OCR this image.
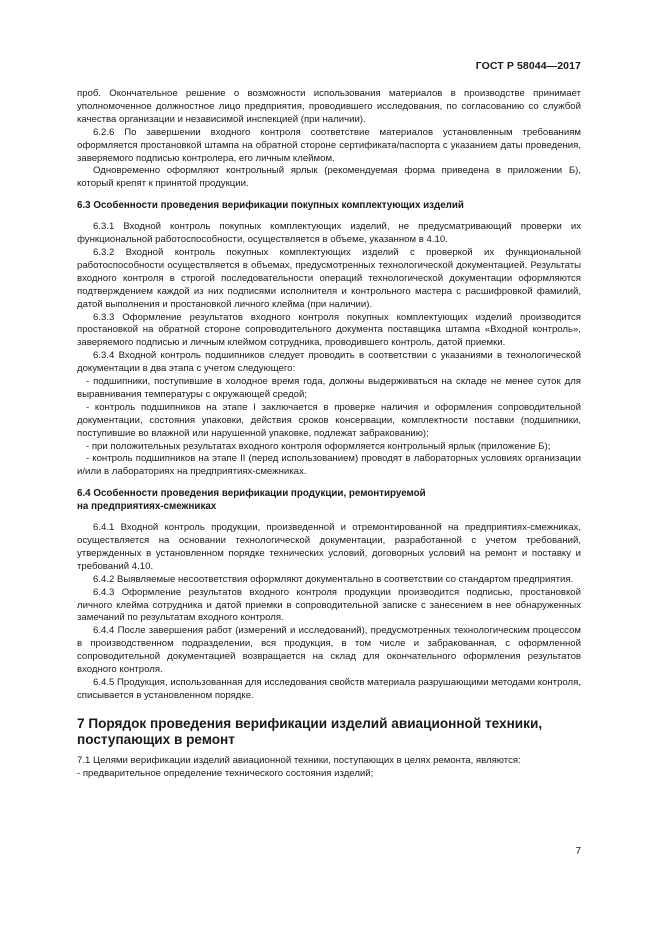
ГОСТ Р 58044—2017

проб. Окончательное решение о возможности использования материалов в производстве принимает уполномоченное должностное лицо предприятия, проводившего исследования, по согласованию со службой качества организации и независимой инспекцией (при наличии).

6.2.6 По завершении входного контроля соответствие материалов установленным требованиям оформляется простановкой штампа на обратной стороне сертификата/паспорта с указанием даты проведения, заверяемого подписью контролера, его личным клеймом.

Одновременно оформляют контрольный ярлык (рекомендуемая форма приведена в приложении Б), который крепят к принятой продукции.

6.3 Особенности проведения верификации покупных комплектующих изделий

6.3.1 Входной контроль покупных комплектующих изделий, не предусматривающий проверки их функциональной работоспособности, осуществляется в объеме, указанном в 4.10.

6.3.2 Входной контроль покупных комплектующих изделий с проверкой их функциональной работоспособности осуществляется в объемах, предусмотренных технологической документацией. Результаты входного контроля в строгой последовательности операций технологической документации оформляются подтверждением каждой из них подписями исполнителя и контрольного мастера с расшифровкой фамилий, датой выполнения и простановкой личного клейма (при наличии).

6.3.3 Оформление результатов входного контроля покупных комплектующих изделий производится простановкой на обратной стороне сопроводительного документа поставщика штампа «Входной контроль», заверяемого подписью и личным клеймом сотрудника, проводившего контроль, датой приемки.

6.3.4 Входной контроль подшипников следует проводить в соответствии с указаниями в технологической документации в два этапа с учетом следующего:

- подшипники, поступившие в холодное время года, должны выдерживаться на складе не менее суток для выравнивания температуры с окружающей средой;

- контроль подшипников на этапе I заключается в проверке наличия и оформления сопроводительной документации, состояния упаковки, действия сроков консервации, комплектности поставки (подшипники, поступившие во влажной или нарушенной упаковке, подлежат забракованию);

- при положительных результатах входного контроля оформляется контрольный ярлык (приложение Б);

- контроль подшипников на этапе II (перед использованием) проводят в лабораторных условиях организации и/или в лабораториях на предприятиях-смежниках.

6.4 Особенности проведения верификации продукции, ремонтируемой
на предприятиях-смежниках

6.4.1 Входной контроль продукции, произведенной и отремонтированной на предприятиях-смежниках, осуществляется на основании технологической документации, разработанной с учетом требований, утвержденных в установленном порядке технических условий, договорных условий на ремонт и поставку и требований 4.10.

6.4.2 Выявляемые несоответствия оформляют документально в соответствии со стандартом предприятия.

6.4.3 Оформление результатов входного контроля продукции производится подписью, простановкой личного клейма сотрудника и датой приемки в сопроводительной записке с занесением в нее обнаруженных замечаний по результатам входного контроля.

6.4.4 После завершения работ (измерений и исследований), предусмотренных технологическим процессом в производственном подразделении, вся продукция, в том числе и забракованная, с оформленной сопроводительной документацией возвращается на склад для окончательного оформления результатов входного контроля.

6.4.5 Продукция, использованная для исследования свойств материала разрушающими методами контроля, списывается в установленном порядке.

7 Порядок проведения верификации изделий авиационной техники,
поступающих в ремонт

7.1 Целями верификации изделий авиационной техники, поступающих в целях ремонта, являются:

- предварительное определение технического состояния изделий;

7
